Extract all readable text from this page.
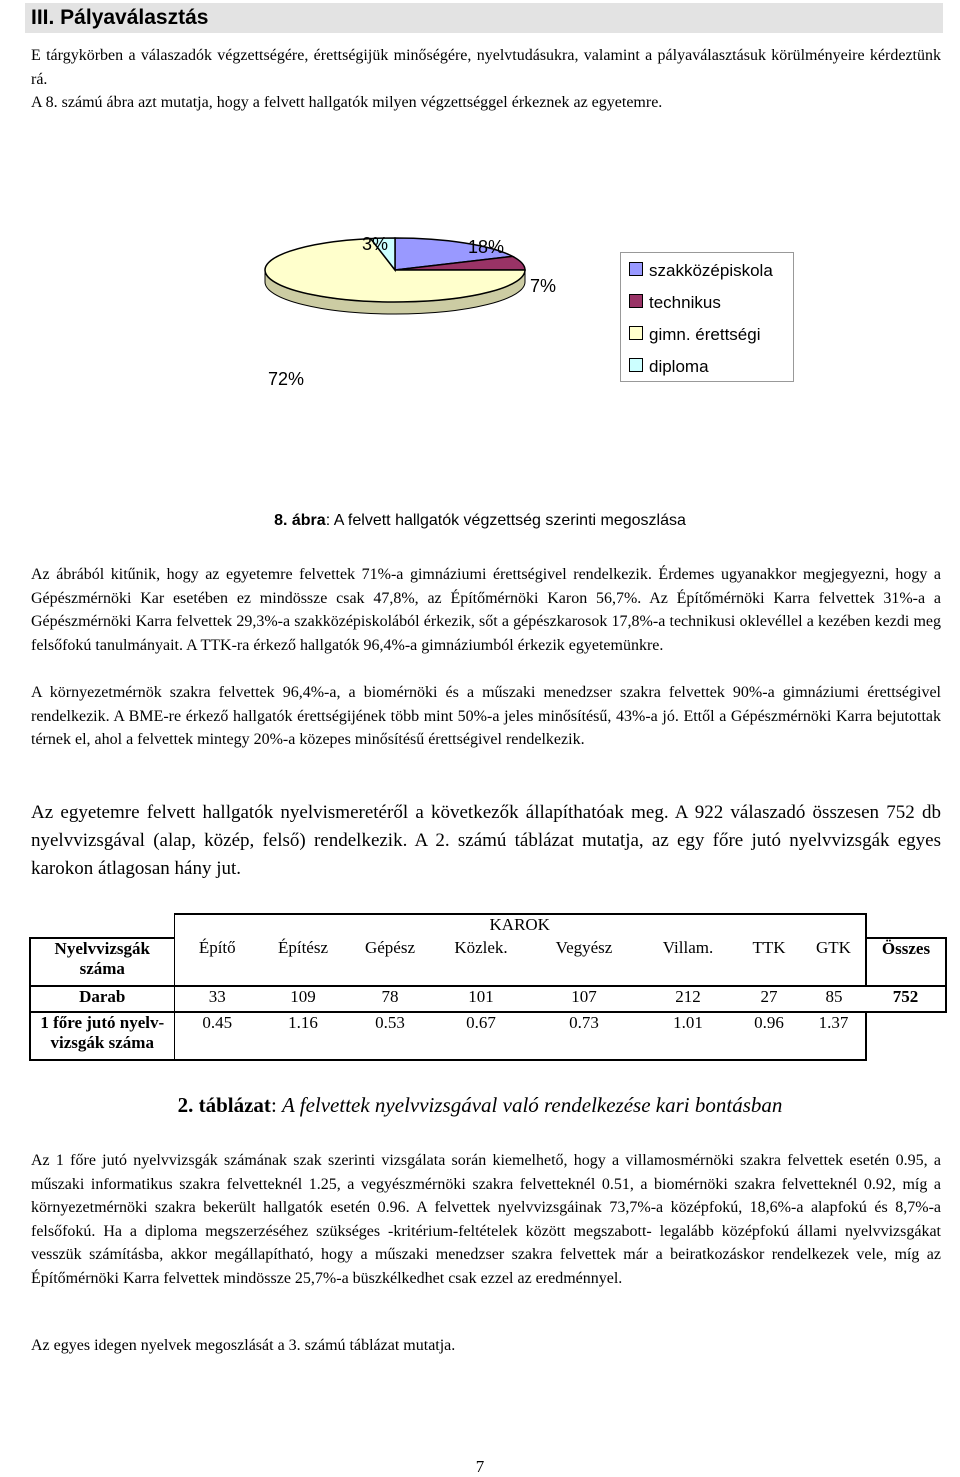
III. Pályaválasztás

E tárgykörben a válaszadók végzettségére, érettségijük minőségére, nyelvtudásukra, valamint a pályaválasztásuk körülményeire kérdeztünk rá.

A 8. számú ábra azt mutatja, hogy a felvett hallgatók milyen végzettséggel érkeznek az egyetemre.

18%
7%
72%
3%
szakközépiskola
technikus
gimn. érettségi
diploma
8. ábra: A felvett hallgatók végzettség szerinti megoszlása

Az ábrából kitűnik, hogy az egyetemre felvettek 71%-a gimnáziumi érettségivel rendelkezik. Érdemes ugyanakkor megjegyezni, hogy a Gépészmérnöki Kar esetében ez mindössze csak 47,8%, az Építőmérnöki Karon 56,7%. Az Építőmérnöki Karra felvettek 31%-a a Gépészmérnöki Karra felvettek 29,3%-a szakközépiskolából érkezik, sőt a gépészkarosok 17,8%-a technikusi oklevéllel a kezében kezdi meg felsőfokú tanulmányait. A TTK-ra érkező hallgatók 96,4%-a gimnáziumból érkezik egyetemünkre.

A környezetmérnök szakra felvettek 96,4%-a, a biomérnöki és a műszaki menedzser szakra felvettek 90%-a gimnáziumi érettségivel rendelkezik. A BME-re érkező hallgatók érettségijének több mint 50%-a jeles minősítésű, 43%-a jó. Ettől a Gépészmérnöki Karra bejutottak térnek el, ahol a felvettek mintegy 20%-a közepes minősítésű érettségivel rendelkezik.

Az egyetemre felvett hallgatók nyelvismeretéről a következők állapíthatóak meg. A 922 válaszadó összesen 752 db nyelvvizsgával (alap, közép, felső) rendelkezik. A 2. számú táblázat mutatja, az egy főre jutó nyelvvizsgák egyes karokon átlagosan hány jut.

	KAROK								
Nyelvvizsgák száma	Építő	Építész	Gépész	Közlek.	Vegyész	Villam.	TTK	GTK	Összes
Darab	33	109	78	101	107	212	27	85	752
1 főre jutó nyelv-
vizsgák száma	0.45	1.16	0.53	0.67	0.73	1.01	0.96	1.37	
2. táblázat: A felvettek nyelvvizsgával való rendelkezése kari bontásban

Az 1 főre jutó nyelvvizsgák számának szak szerinti vizsgálata során kiemelhető, hogy a villamosmérnöki szakra felvettek esetén 0.95, a műszaki informatikus szakra felvetteknél 1.25, a vegyészmérnöki szakra felvetteknél 0.51, a biomérnöki szakra felvetteknél 0.92, míg a környezetmérnöki szakra bekerült hallgatók esetén 0.96. A felvettek nyelvvizsgáinak 73,7%-a középfokú, 18,6%-a alapfokú és 8,7%-a felsőfokú. Ha a diploma megszerzéséhez szükséges -kritérium-feltételek között megszabott- legalább középfokú állami nyelvvizsgákat vesszük számításba, akkor megállapítható, hogy a műszaki menedzser szakra felvettek már a beiratkozáskor rendelkezek vele, míg az Építőmérnöki Karra felvettek mindössze 25,7%-a büszkélkedhet csak ezzel az eredménnyel.

Az egyes idegen nyelvek megoszlását a 3. számú táblázat mutatja.

7
